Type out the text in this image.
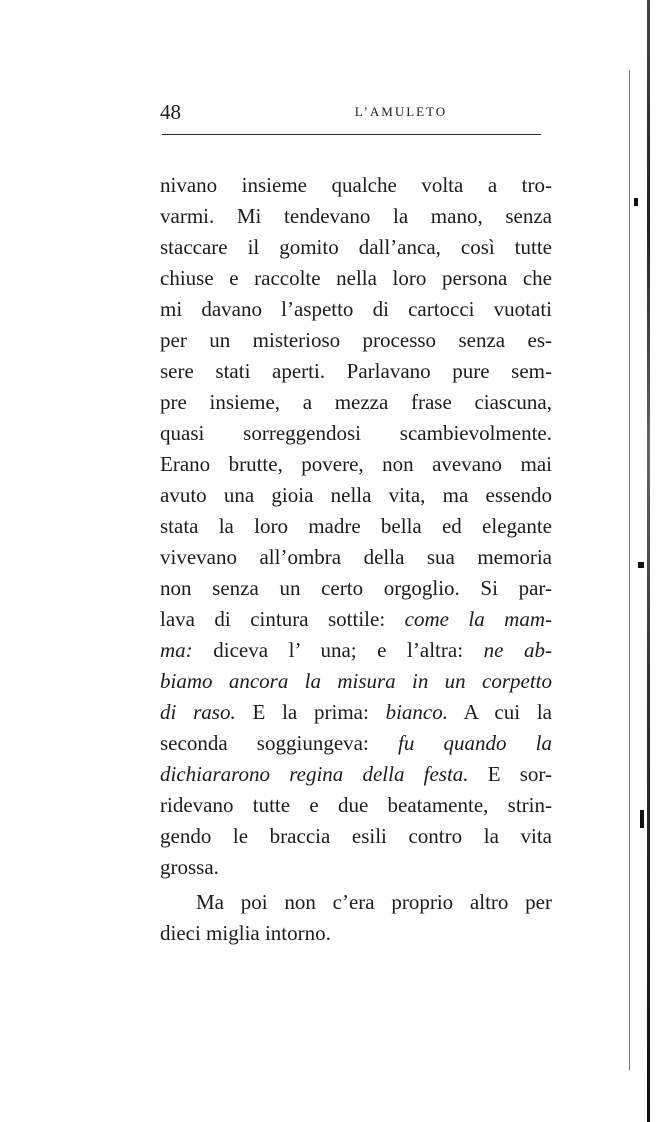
48	L’AMULETO
nivano insieme qualche volta a tro-
varmi. Mi tendevano la mano, senza
staccare il gomito dall’anca, così tutte
chiuse e raccolte nella loro persona che
mi davano l’aspetto di cartocci vuotati
per un misterioso processo senza es-
sere stati aperti. Parlavano pure sem-
pre insieme, a mezza frase ciascuna,
quasi sorreggendosi scambievolmente.
Erano brutte, povere, non avevano mai
avuto una gioia nella vita, ma essendo
stata la loro madre bella ed elegante
vivevano all’ombra della sua memoria
non senza un certo orgoglio. Si par-
lava di cintura sottile: come la mam-
ma: diceva l’ una; e l’altra: ne ab-
biamo ancora la misura in un corpetto
di raso. E la prima: bianco. A cui la
seconda soggiungeva: fu quando la
dichiararono regina della festa. E sor-
ridevano tutte e due beatamente, strin-
gendo le braccia esili contro la vita
grossa.
Ma poi non c’era proprio altro per
dieci miglia intorno.
